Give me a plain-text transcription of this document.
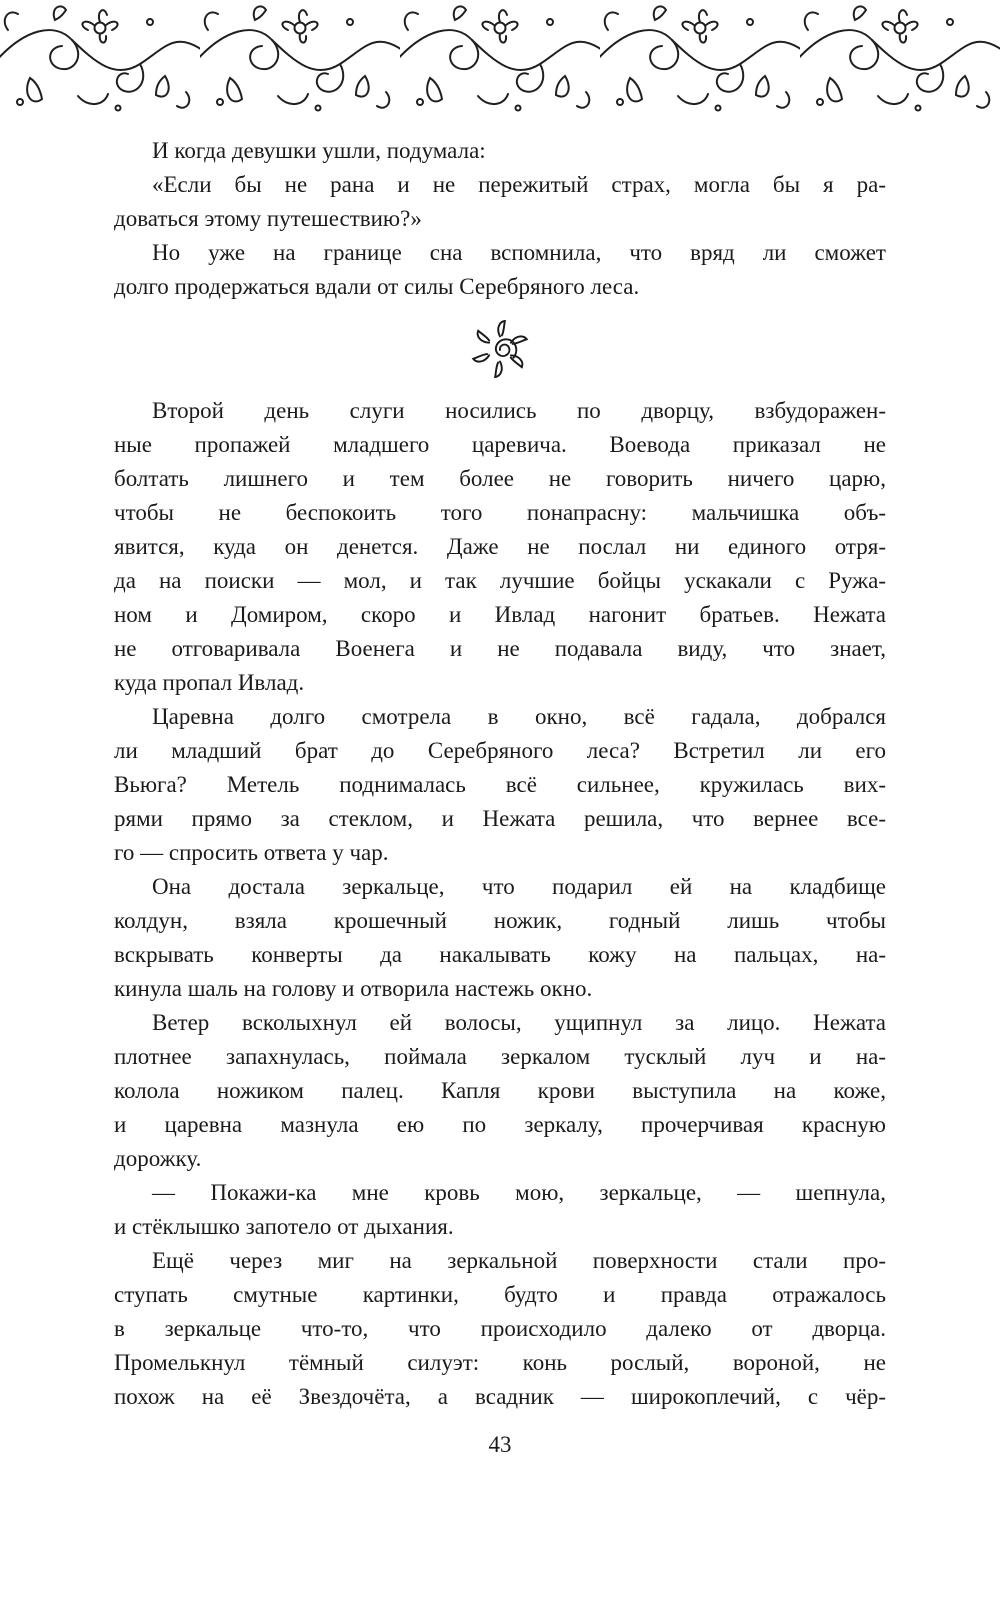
И когда девушки ушли, подумала:
«Если бы не рана и не пережитый страх, могла бы я ра-
доваться этому путешествию?»
Но уже на границе сна вспомнила, что вряд ли сможет
долго продержаться вдали от силы Серебряного леса.
Второй день слуги носились по дворцу, взбудоражен-
ные пропажей младшего царевича. Воевода приказал не
болтать лишнего и тем более не говорить ничего царю,
чтобы не беспокоить того понапрасну: мальчишка объ-
явится, куда он денется. Даже не послал ни единого отря-
да на поиски — мол, и так лучшие бойцы ускакали с Ружа-
ном и Домиром, скоро и Ивлад нагонит братьев. Нежата
не отговаривала Военега и не подавала виду, что знает,
куда пропал Ивлад.
Царевна долго смотрела в окно, всё гадала, добрался
ли младший брат до Серебряного леса? Встретил ли его
Вьюга? Метель поднималась всё сильнее, кружилась вих-
рями прямо за стеклом, и Нежата решила, что вернее все-
го — спросить ответа у чар.
Она достала зеркальце, что подарил ей на кладбище
колдун, взяла крошечный ножик, годный лишь чтобы
вскрывать конверты да накалывать кожу на пальцах, на-
кинула шаль на голову и отворила настежь окно.
Ветер всколыхнул ей волосы, ущипнул за лицо. Нежата
плотнее запахнулась, поймала зеркалом тусклый луч и на-
колола ножиком палец. Капля крови выступила на коже,
и царевна мазнула ею по зеркалу, прочерчивая красную
дорожку.
— Покажи-ка мне кровь мою, зеркальце, — шепнула,
и стёклышко запотело от дыхания.
Ещё через миг на зеркальной поверхности стали про-
ступать смутные картинки, будто и правда отражалось
в зеркальце что-то, что происходило далеко от дворца.
Промелькнул тёмный силуэт: конь рослый, вороной, не
похож на её Звездочёта, а всадник — широкоплечий, с чёр-
43
